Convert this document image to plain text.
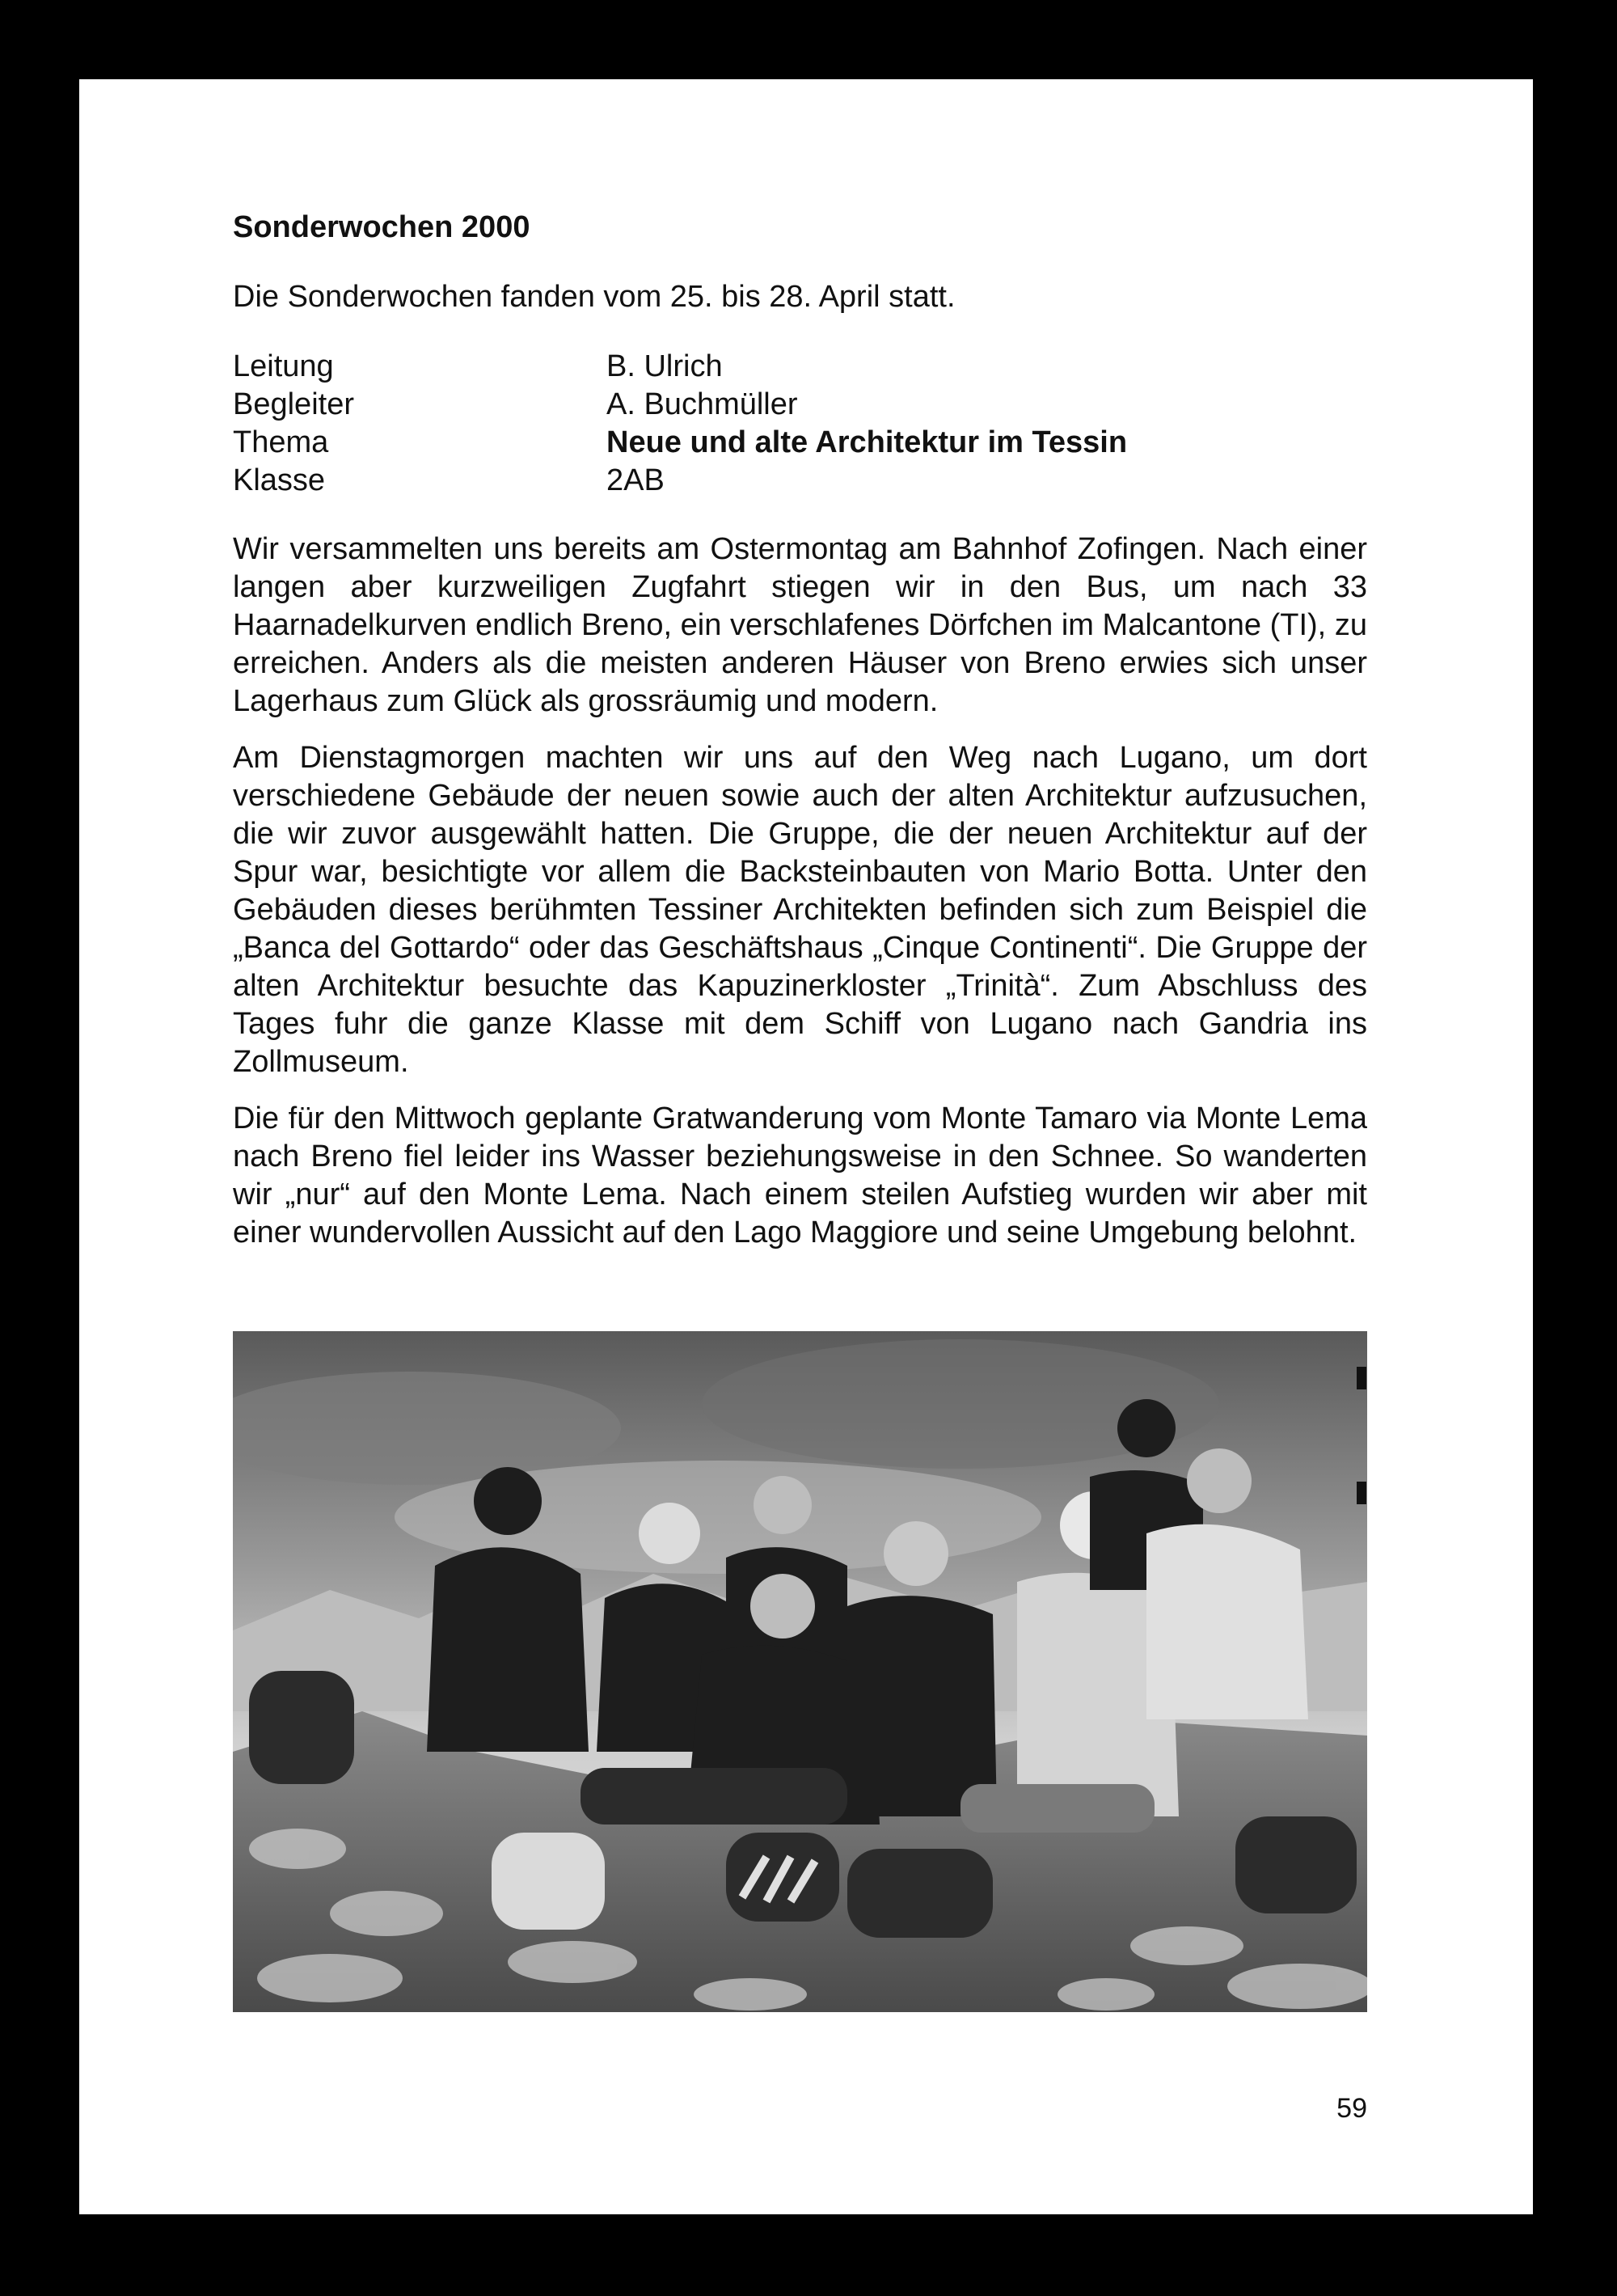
Sonderwochen 2000

Die Sonderwochen fanden vom 25. bis 28. April statt.

Leitung	B. Ulrich
Begleiter	A. Buchmüller
Thema	Neue und alte Architektur im Tessin
Klasse	2AB

Wir versammelten uns bereits am Ostermontag am Bahnhof Zofingen. Nach einer langen aber kurzweiligen Zugfahrt stiegen wir in den Bus, um nach 33 Haarnadelkurven endlich Breno, ein verschlafenes Dörfchen im Malcantone (TI), zu erreichen. Anders als die meisten anderen Häuser von Breno erwies sich unser Lagerhaus zum Glück als grossräumig und modern.

Am Dienstagmorgen machten wir uns auf den Weg nach Lugano, um dort verschiedene Gebäude der neuen sowie auch der alten Architektur aufzusuchen, die wir zuvor ausgewählt hatten. Die Gruppe, die der neuen Architektur auf der Spur war, besichtigte vor allem die Backsteinbauten von Mario Botta. Unter den Gebäuden dieses berühmten Tessiner Architekten befinden sich zum Beispiel die „Banca del Gottardo“ oder das Geschäftshaus „Cinque Continenti“. Die Gruppe der alten Architektur besuchte das Kapuzinerkloster „Trinità“. Zum Abschluss des Tages fuhr die ganze Klasse mit dem Schiff von Lugano nach Gandria ins Zollmuseum.

Die für den Mittwoch geplante Gratwanderung vom Monte Tamaro via Monte Lema nach Breno fiel leider ins Wasser beziehungsweise in den Schnee. So wanderten wir „nur“ auf den Monte Lema. Nach einem steilen Aufstieg wurden wir aber mit einer wundervollen Aussicht auf den Lago Maggiore und seine Umgebung belohnt.

59
